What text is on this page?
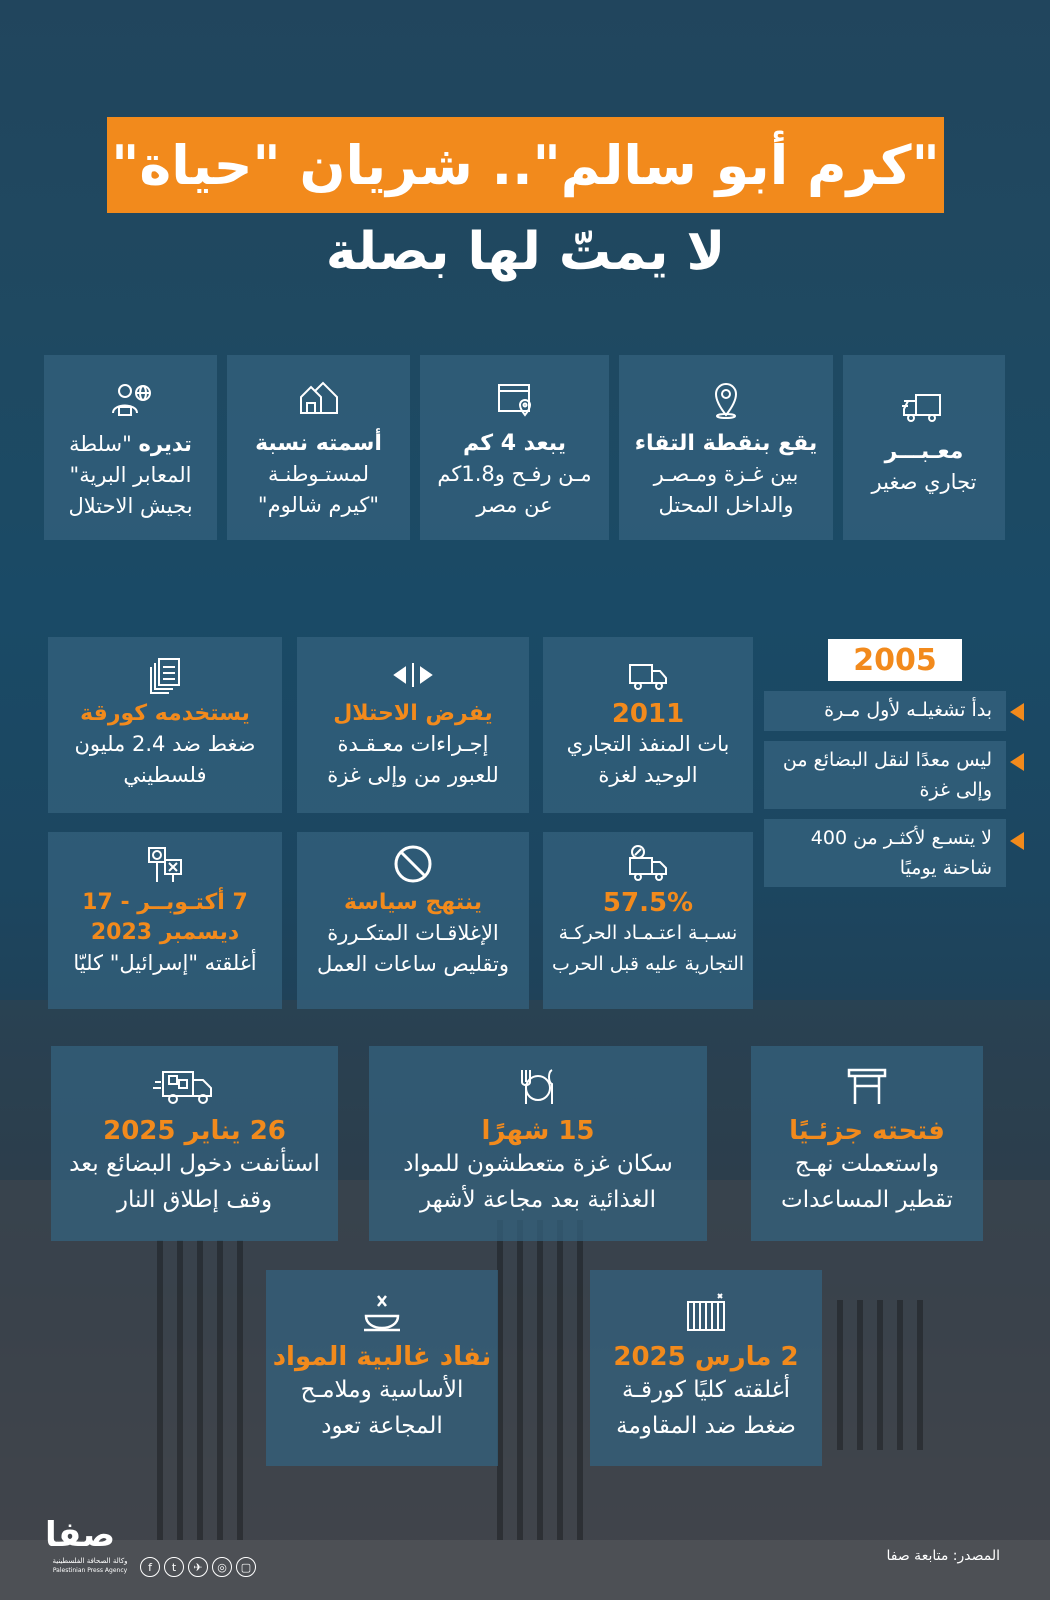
"كرم أبو سالم".. شريان "حياة"
لا يمتّ لها بصلة
معـبـــر
تجاري صغير
يقع بنقطة التقاء
بين غـزة ومـصـر والداخل المحتل
يبعد 4 كم
مـن رفـح و1.8كم عن مصر
أسمته نسبة
لمستـوطنـة "كيرم شالوم"
تديره "سلطة المعابر البرية" بجيش الاحتلال
2005
بدأ تشغيلـه لأول مـرة
ليس معدًا لنقل البضائع من وإلى غزة
لا يتسـع لأكثـر من 400 شاحنة يوميًا
2011
بات المنفذ التجاري الوحيد لغزة
يفرض الاحتلال
إجـراءات معـقـدة للعبور من وإلى غزة
يستخدمه كورقة
ضغط ضد 2.4 مليون فلسطيني
57.5%
نسـبـة اعتـمـاد الحركـة التجارية عليه قبل الحرب
ينتهج سياسة
الإغلاقـات المتكـررة وتقليص ساعات العمل
7 أكتـوبــر - 17 ديسمبر 2023
أغلقته "إسرائيل" كليّا
فتحته جزئـيًا
واستعملت نهـج تقطير المساعدات
15 شهرًا
سكان غزة متعطشون للمواد الغذائية بعد مجاعة لأشهر
26 يناير 2025
استأنفت دخول البضائع بعد وقف إطلاق النار
2 مارس 2025
أغلقته كليًا كورقـة ضغط ضد المقاومة
نفاد غالبية المواد
الأساسية وملامـح المجاعة تعود
المصدر: متابعة صفا
صفا
وكالة الصحافة الفلسطينية
Palestinian Press Agency	f	t	✈	◎	▢
